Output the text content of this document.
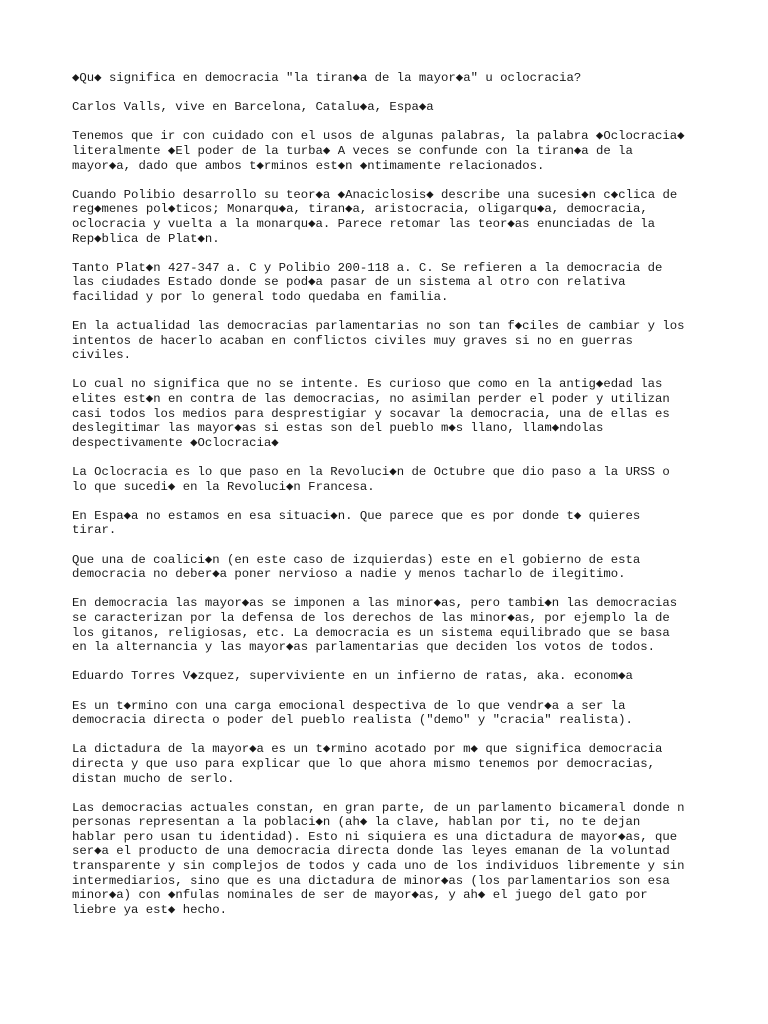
◆Qu◆ significa en democracia "la tiran◆a de la mayor◆a" u oclocracia?

Carlos Valls, vive en Barcelona, Catalu◆a, Espa◆a

Tenemos que ir con cuidado con el usos de algunas palabras, la palabra ◆Oclocracia◆
literalmente ◆El poder de la turba◆ A veces se confunde con la tiran◆a de la
mayor◆a, dado que ambos t◆rminos est◆n ◆ntimamente relacionados.

Cuando Polibio desarrollo su teor◆a ◆Anaciclosis◆ describe una sucesi◆n c◆clica de
reg◆menes pol◆ticos; Monarqu◆a, tiran◆a, aristocracia, oligarqu◆a, democracia,
oclocracia y vuelta a la monarqu◆a. Parece retomar las teor◆as enunciadas de la
Rep◆blica de Plat◆n.

Tanto Plat◆n 427-347 a. C y Polibio 200-118 a. C. Se refieren a la democracia de
las ciudades Estado donde se pod◆a pasar de un sistema al otro con relativa
facilidad y por lo general todo quedaba en familia.

En la actualidad las democracias parlamentarias no son tan f◆ciles de cambiar y los
intentos de hacerlo acaban en conflictos civiles muy graves si no en guerras
civiles.

Lo cual no significa que no se intente. Es curioso que como en la antig◆edad las
elites est◆n en contra de las democracias, no asimilan perder el poder y utilizan
casi todos los medios para desprestigiar y socavar la democracia, una de ellas es
deslegitimar las mayor◆as si estas son del pueblo m◆s llano, llam◆ndolas
despectivamente ◆Oclocracia◆

La Oclocracia es lo que paso en la Revoluci◆n de Octubre que dio paso a la URSS o
lo que sucedi◆ en la Revoluci◆n Francesa.

En Espa◆a no estamos en esa situaci◆n. Que parece que es por donde t◆ quieres
tirar.

Que una de coalici◆n (en este caso de izquierdas) este en el gobierno de esta
democracia no deber◆a poner nervioso a nadie y menos tacharlo de ilegitimo.

En democracia las mayor◆as se imponen a las minor◆as, pero tambi◆n las democracias
se caracterizan por la defensa de los derechos de las minor◆as, por ejemplo la de
los gitanos, religiosas, etc. La democracia es un sistema equilibrado que se basa
en la alternancia y las mayor◆as parlamentarias que deciden los votos de todos.

Eduardo Torres V◆zquez, superviviente en un infierno de ratas, aka. econom◆a

Es un t◆rmino con una carga emocional despectiva de lo que vendr◆a a ser la
democracia directa o poder del pueblo realista ("demo" y "cracia" realista).

La dictadura de la mayor◆a es un t◆rmino acotado por m◆ que significa democracia
directa y que uso para explicar que lo que ahora mismo tenemos por democracias,
distan mucho de serlo.

Las democracias actuales constan, en gran parte, de un parlamento bicameral donde n
personas representan a la poblaci◆n (ah◆ la clave, hablan por ti, no te dejan
hablar pero usan tu identidad). Esto ni siquiera es una dictadura de mayor◆as, que
ser◆a el producto de una democracia directa donde las leyes emanan de la voluntad
transparente y sin complejos de todos y cada uno de los individuos libremente y sin
intermediarios, sino que es una dictadura de minor◆as (los parlamentarios son esa
minor◆a) con ◆nfulas nominales de ser de mayor◆as, y ah◆ el juego del gato por
liebre ya est◆ hecho.
